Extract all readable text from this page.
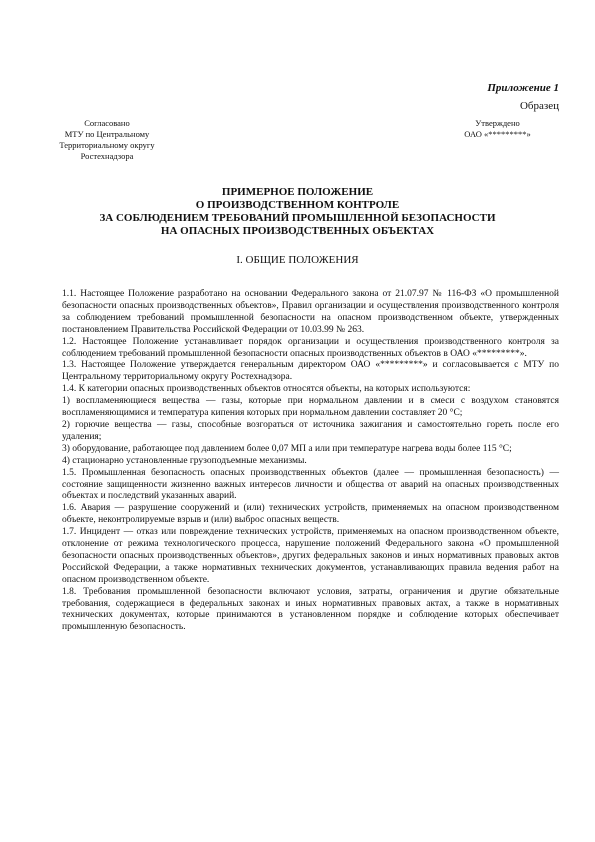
Приложение 1
Образец
Согласовано
МТУ по Центральному
Территориальному округу
Ростехнадзора
Утверждено
ОАО «*********»
ПРИМЕРНОЕ ПОЛОЖЕНИЕ
О ПРОИЗВОДСТВЕННОМ КОНТРОЛЕ
ЗА СОБЛЮДЕНИЕМ ТРЕБОВАНИЙ ПРОМЫШЛЕННОЙ БЕЗОПАСНОСТИ
НА ОПАСНЫХ ПРОИЗВОДСТВЕННЫХ ОБЪЕКТАХ
I. ОБЩИЕ ПОЛОЖЕНИЯ

1.1. Настоящее Положение разработано на основании Федерального закона от 21.07.97 № 116-ФЗ «О промышленной безопасности опасных производственных объектов», Правил организации и осуществления производственного контроля за соблюдением требований промышленной безопасности на опасном производственном объекте, утвержденных постановлением Правительства Российской Федерации от 10.03.99 № 263.

1.2. Настоящее Положение устанавливает порядок организации и осуществления производственного контроля за соблюдением требований промышленной безопасности опасных производственных объектов в ОАО «*********».

1.3. Настоящее Положение утверждается генеральным директором ОАО «*********» и согласовывается с МТУ по Центральному территориальному округу Ростехнадзора.

1.4. К категории опасных производственных объектов относятся объекты, на которых используются:

1) воспламеняющиеся вещества — газы, которые при нормальном давлении и в смеси с воздухом становятся воспламеняющимися и температура кипения которых при нормальном давлении составляет 20 °С;

2) горючие вещества — газы, способные возгораться от источника зажигания и самостоятельно гореть после его удаления;

3) оборудование, работающее под давлением более 0,07 МП а или при температуре нагрева воды более 115 °С;

4) стационарно установленные грузоподъемные механизмы.

1.5. Промышленная безопасность опасных производственных объектов (далее — промышленная безопасность) — состояние защищенности жизненно важных интересов личности и общества от аварий на опасных производственных объектах и последствий указанных аварий.

1.6. Авария — разрушение сооружений и (или) технических устройств, применяемых на опасном производственном объекте, неконтролируемые взрыв и (или) выброс опасных веществ.

1.7. Инцидент — отказ или повреждение технических устройств, применяемых на опасном производственном объекте, отклонение от режима технологического процесса, нарушение положений Федерального закона «О промышленной безопасности опасных производственных объектов», других федеральных законов и иных нормативных правовых актов Российской Федерации, а также нормативных технических документов, устанавливающих правила ведения работ на опасном производственном объекте.

1.8. Требования промышленной безопасности включают условия, затраты, ограничения и другие обязательные требования, содержащиеся в федеральных законах и иных нормативных правовых актах, а также в нормативных технических документах, которые принимаются в установленном порядке и соблюдение которых обеспечивает промышленную безопасность.
